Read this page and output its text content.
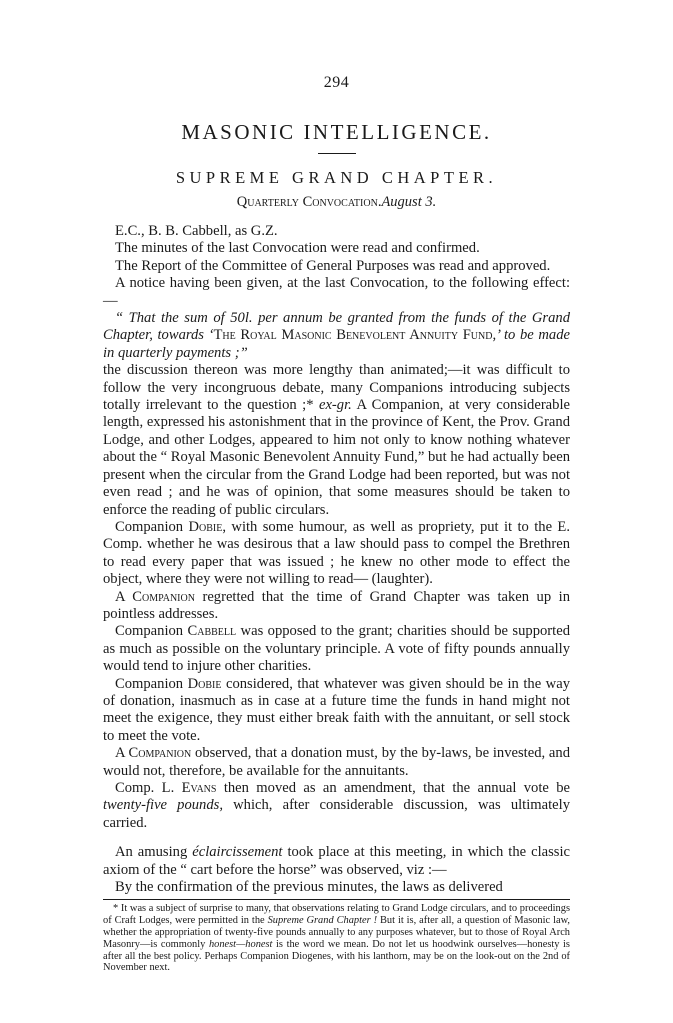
294
MASONIC INTELLIGENCE.
SUPREME GRAND CHAPTER.
Quarterly Convocation.August 3.

E.C., B. B. Cabbell, as G.Z.

The minutes of the last Convocation were read and confirmed.

The Report of the Committee of General Purposes was read and approved.

A notice having been given, at the last Convocation, to the following effect:—

“ That the sum of 50l. per annum be granted from the funds of the Grand Chapter, towards ‘The Royal Masonic Benevolent Annuity Fund,’ to be made in quarterly payments ;”

the discussion thereon was more lengthy than animated;—it was difficult to follow the very incongruous debate, many Companions introducing subjects totally irrelevant to the question ;* ex-gr. A Companion, at very considerable length, expressed his astonishment that in the province of Kent, the Prov. Grand Lodge, and other Lodges, appeared to him not only to know nothing whatever about the “ Royal Masonic Benevolent Annuity Fund,” but he had actually been present when the circular from the Grand Lodge had been reported, but was not even read ; and he was of opinion, that some measures should be taken to enforce the reading of public circulars.

Companion Dobie, with some humour, as well as propriety, put it to the E. Comp. whether he was desirous that a law should pass to compel the Brethren to read every paper that was issued ; he knew no other mode to effect the object, where they were not willing to read— (laughter).

A Companion regretted that the time of Grand Chapter was taken up in pointless addresses.

Companion Cabbell was opposed to the grant; charities should be supported as much as possible on the voluntary principle. A vote of fifty pounds annually would tend to injure other charities.

Companion Dobie considered, that whatever was given should be in the way of donation, inasmuch as in case at a future time the funds in hand might not meet the exigence, they must either break faith with the annuitant, or sell stock to meet the vote.

A Companion observed, that a donation must, by the by-laws, be invested, and would not, therefore, be available for the annuitants.

Comp. L. Evans then moved as an amendment, that the annual vote be twenty-five pounds, which, after considerable discussion, was ultimately carried.

An amusing éclaircissement took place at this meeting, in which the classic axiom of the “ cart before the horse” was observed, viz :—

By the confirmation of the previous minutes, the laws as delivered

* It was a subject of surprise to many, that observations relating to Grand Lodge circulars, and to proceedings of Craft Lodges, were permitted in the Supreme Grand Chapter ! But it is, after all, a question of Masonic law, whether the appropriation of twenty-five pounds annually to any purposes whatever, but to those of Royal Arch Masonry—is commonly honest—honest is the word we mean. Do not let us hoodwink ourselves—honesty is after all the best policy. Perhaps Companion Diogenes, with his lanthorn, may be on the look-out on the 2nd of November next.
